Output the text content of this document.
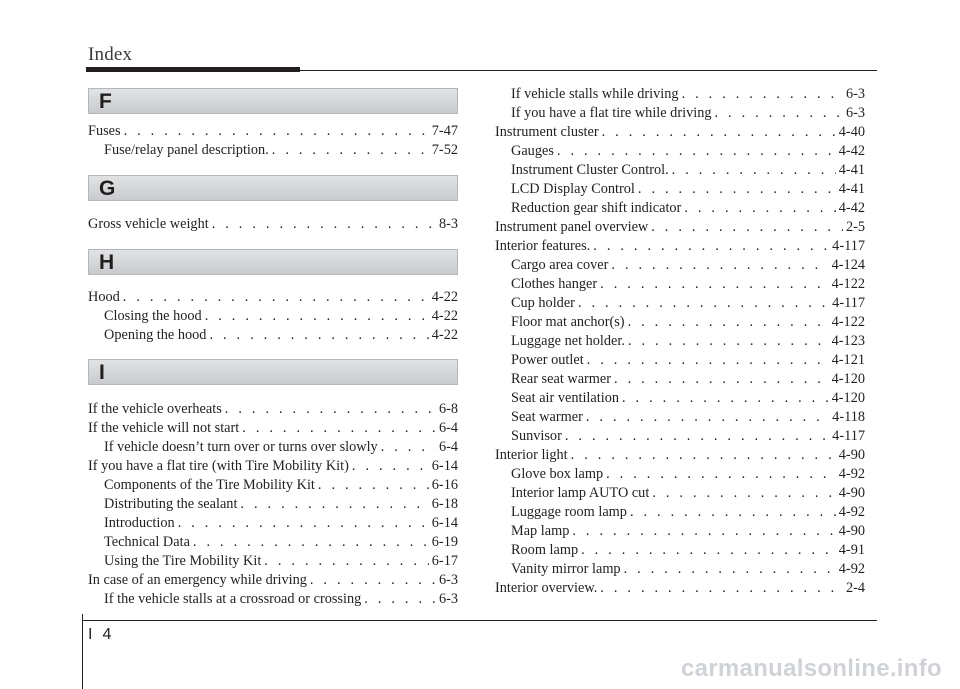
Index
F
Fuses . . .	7-47
Fuse/relay panel description. . . .	7-52
G
Gross vehicle weight . . .	8-3
H
Hood . . .	4-22
Closing the hood . . .	4-22
Opening the hood . . .	4-22
I
If the vehicle overheats . . .	6-8
If the vehicle will not start . . .	6-4
If vehicle doesn’t turn over or turns over slowly . . .	6-4
If you have a flat tire (with Tire Mobility Kit) . . .	6-14
Components of the Tire Mobility Kit . . .	6-16
Distributing the sealant . . .	6-18
Introduction . . .	6-14
Technical Data . . .	6-19
Using the Tire Mobility Kit . . .	6-17
In case of an emergency while driving . . .	6-3
If the vehicle stalls at a crossroad or crossing . . .	6-3
If vehicle stalls while driving . . .	6-3
If you have a flat tire while driving . . .	6-3
Instrument cluster . . .	4-40
Gauges . . .	4-42
Instrument Cluster Control. . . .	4-41
LCD Display Control . . .	4-41
Reduction gear shift indicator . . .	4-42
Instrument panel overview . . .	2-5
Interior features. . . .	4-117
Cargo area cover . . .	4-124
Clothes hanger . . .	4-122
Cup holder . . .	4-117
Floor mat anchor(s) . . .	4-122
Luggage net holder. . . .	4-123
Power outlet . . .	4-121
Rear seat warmer . . .	4-120
Seat air ventilation . . .	4-120
Seat warmer . . .	4-118
Sunvisor . . .	4-117
Interior light . . .	4-90
Glove box lamp . . .	4-92
Interior lamp AUTO cut . . .	4-90
Luggage room lamp . . .	4-92
Map lamp . . .	4-90
Room lamp . . .	4-91
Vanity mirror lamp . . .	4-92
Interior overview. . . .	2-4
I 4
carmanualsonline.info
